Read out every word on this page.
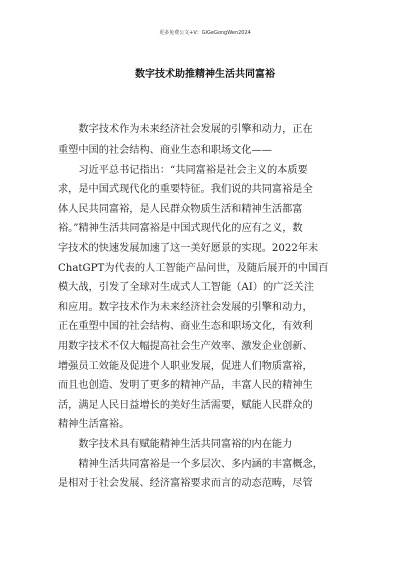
更多免费公文+V：GiGeGongWen2024
数字技术助推精神生活共同富裕
　　数字技术作为未来经济社会发展的引擎和动力，正在
重塑中国的社会结构、商业生态和职场文化——
　　习近平总书记指出：“共同富裕是社会主义的本质要
求，是中国式现代化的重要特征。我们说的共同富裕是全
体人民共同富裕，是人民群众物质生活和精神生活都富
裕。”精神生活共同富裕是中国式现代化的应有之义，数
字技术的快速发展加速了这一美好愿景的实现。2022年末
ChatGPT为代表的人工智能产品问世，及随后展开的中国百
模大战，引发了全球对生成式人工智能（AI）的广泛关注
和应用。数字技术作为未来经济社会发展的引擎和动力，
正在重塑中国的社会结构、商业生态和职场文化，有效利
用数字技术不仅大幅提高社会生产效率、激发企业创新、
增强员工效能及促进个人职业发展，促进人们物质富裕，
而且也创造、发明了更多的精神产品，丰富人民的精神生
活，满足人民日益增长的美好生活需要，赋能人民群众的
精神生活富裕。
　　数字技术具有赋能精神生活共同富裕的内在能力
　　精神生活共同富裕是一个多层次、多内涵的丰富概念，
是相对于社会发展、经济富裕要求而言的动态范畴，尽管
